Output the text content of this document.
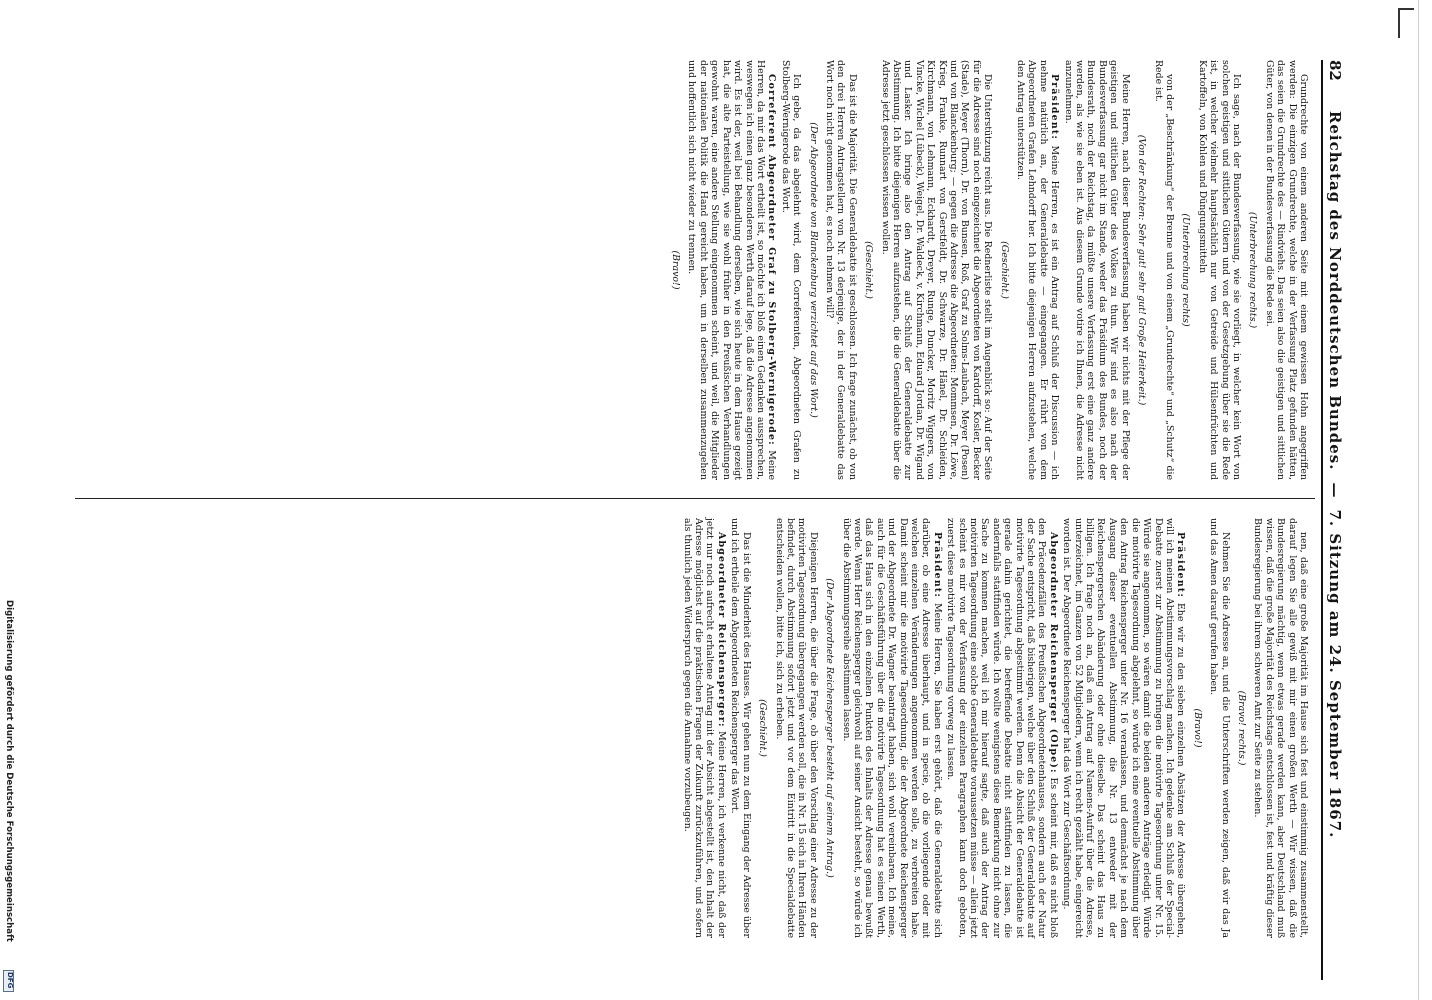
Digitalisierung gefördert durch die Deutsche Forschungsgemeinschaft
DFG
82
Reichstag des Norddeutschen Bundes.
—
7. Sitzung am 24. September 1867.

Grundrechte von einem anderen Seite mit einem gewissen Hohn angegriffen werden: Die einzigen Grundrechte, welche in der Verfassung Platz gefunden hätten, das seien die Grundrechte des — Rindviehs. Das seien also die geistigen und sittlichen Güter, von denen in der Bundesverfassung die Rede sei.

(Unterbrechung rechts.)

Ich sage, nach der Bundesverfassung, wie sie vorliegt, in welcher kein Wort von solchen geistigen und sittlichen Gütern und von der Gesetzgebung über sie die Rede ist, in welcher vielmehr hauptsächlich nur von Getreide und Hülsenfrüchten und Kartoffeln, von Kohlen und Düngungsmitteln

(Unterbrechung rechts)

von der „Beschränkung“ der Brenne und von einem „Grundrechte“ und „Schutz“ die Rede ist.

(Von der Rechten: Sehr gut! sehr gut! Große Heiterkeit.)

Meine Herren, nach dieser Bundesverfassung haben wir nichts mit der Pflege der geistigen und sittlichen Güter des Volkes zu thun. Wir sind es also nach der Bundesverfassung gar nicht im Stande, weder das Präsidium des Bundes, noch der Bundesrath, noch der Reichstag, da müßte unsere Verfassung erst eine ganz andere werden, als wie sie eben ist. Aus diesem Grunde votire ich Ihnen, die Adresse nicht anzunehmen.

Präsident: Meine Herren, es ist ein Antrag auf Schluß der Discussion — ich nehme natürlich an, der Generaldebatte — eingegangen. Er rührt von dem Abgeordneten Grafen Lehndorff her. Ich bitte diejenigen Herren aufzustehen, welche den Antrag unterstützen.

(Geschieht.)

Die Unterstützung reicht aus. Die Rednerliste stellt im Augenblick so: Auf der Seite für die Adresse sind noch eingezeichnet die Abgeordneten von Kardorff, Kosler, Becker (Stade), Meyer (Thorn), Dr. von Bunsen, Roß, Graf zu Solms-Laubach, Meyer (Posen) und von Blanckenburg; — gegen die Adresse die Abgeordneten: Mommsen, Dr. Löwe, Krieg, Franke, Runnart von Gerstfeldt, Dr. Schwarze, Dr. Hänel, Dr. Schleiden, Kirchmann, von Lehmann, Eckhardt, Dreyer, Runge, Duncker, Moritz Wiggers, von Vincke, Wichel (Lübeck), Weigel, Dr. Waldeck, v. Kirchmann, Eduard Jordan, Dr. Wigand und Lasker. Ich bringe also den Antrag auf Schluß der Generaldebatte zur Abstimmung. Ich bitte diejenigen Herren aufzustehen, die die Generaldebatte über die Adresse jetzt geschlossen wissen wollen.

(Geschieht.)

Das ist die Majorität. Die Generaldebatte ist geschlossen. Ich frage zunächst, ob von den drei Herren Antragstellern von Nr. 13 derjenige, der in der Generaldebatte das Wort noch nicht genommen hat, es noch nehmen will?

(Der Abgeordnete von Blanckenburg verzichtet auf das Wort.)

Ich gebe, da das abgelehnt wird, dem Correferenten, Abgeordneten Grafen zu Stolberg-Wernigerode das Wort.

Correferent Abgeordneter Graf zu Stolberg-Wernigerode: Meine Herren, da mir das Wort ertheilt ist, so möchte ich bloß einen Gedanken aussprechen, weswegen ich einen ganz besonderen Werth darauf lege, daß die Adresse angenommen wird. Es ist der, weil bei Behandlung derselben, wie sich heute in dem Hause gezeigt hat, die alte Parteistellung, wie sie wohl früher in den Preußischen Verhandlungen gewohnt waren, eine andere Stellung eingenommen scheint, und weil, die Mitglieder der nationalen Politik die Hand gereicht haben, um in derselben zusammenzugehen und hoffentlich sich nicht wieder zu trennen.

(Bravo!)

nen, daß eine große Majorität im Hause sich fest und einstimmig zusammenstellt, darauf legen Sie alle gewiß mit mir einen großen Werth — Wir wissen, daß die Bundesregierung mächtig, wenn etwas gerade werden kann, aber Deutschland muß wissen, daß die große Majorität des Reichstags entschlossen ist, fest und kräftig dieser Bundesregierung bei ihrem schweren Amt zur Seite zu stehen.

(Bravo! rechts.)

Nehmen Sie die Adresse an, und die Unterschriften werden zeigen, daß wir das Ja und das Amen darauf gerufen haben.

(Bravo!)

Präsident: Ehe wir zu den sieben einzelnen Absätzen der Adresse übergehen, will ich meinen Abstimmungsvorschlag machen. Ich gedenke am Schluß der Special-Debatte zuerst zur Abstimmung zu bringen die motivirte Tagesordnung unter Nr. 15. Würde sie angenommen, so wären damit die beiden anderen Anträge erledigt. Würde die motivirte Tagesordnung abgelehnt, so würde ich eine eventuelle Abstimmung über den Antrag Reichensperger unter Nr. 16 veranlassen, und demnächst je nach dem Ausgang dieser eventuellen Abstimmung, die Nr. 13 entweder mit der Reichenspergerschen Abänderung oder ohne dieselbe. Das scheint das Haus zu billigen. Ich frage noch an, daß ein Antrag auf Namens-Aufruf über die Adresse, unterzeichnet, im Ganzen von 52 Mitgliedern, wenn ich recht gezählt habe, eingereicht worden ist. Der Abgeordnete Reichensperger hat das Wort zur Geschäftsordnung.

Abgeordneter Reichensperger (Olpe): Es scheint mir, daß es nicht bloß den Präcedenzfällen des Preußischen Abgeordnetenhauses, sondern auch der Natur der Sache entspricht, daß bisherigen, welche über den Schluß der Generaldebatte auf motivirte Tagesordnung abgestimmt werden. Denn die Absicht der Generaldebatte ist gerade dahin gerichtet, die betreffende Debatte nicht stattfinden zu lassen, die andernfalls stattfinden würde. Ich wollte wenigstens diese Bemerkung nicht ohne zur Sache zu kommen machen, weil ich mir hierauf sagte, daß auch der Antrag der motivirten Tagesordnung eine solche Generaldebatte voraussetzen müsse — allein jetzt scheint es mir von der Verfassung der einzelnen Paragraphen kann doch geboten, zuerst diese motivirte Tagesordnung vorweg zu lassen.

Präsident: Meine Herren, Sie haben erst gehört, daß die Generaldebatte sich darüber, ob eine Adresse überhaupt, und in specie, ob die vorliegende oder mit welchen einzelnen Veränderungen angenommen werden solle, zu verbreiten habe. Damit scheint mir die motivirte Tagesordnung, die der Abgeordnete Reichensperger und der Abgeordnete Dr. Wagner beantragt haben, sich wohl vereinbaren. Ich meine, auch für die Geschäftsführung über die motivirte Tagesordnung hat es seinen Werth, daß das Haus sich in den einzelnen Punkten des Inhalts der Adresse genau bewußt werde. Wenn Herr Reichensperger gleichwohl auf seiner Ansicht besteht, so würde ich über die Abstimmungsreihe abstimmen lassen.

(Der Abgeordnete Reichensperger besteht auf seinem Antrag.)

Diejenigen Herren, die über die Frage, ob über den Vorschlag einer Adresse zu der motivirten Tagesordnung übergegangen werden soll, die in Nr. 15 sich in Ihren Händen befindet, durch Abstimmung sofort jetzt und vor dem Eintritt in die Specialdebatte entscheiden wollen, bitte ich, sich zu erheben.

(Geschieht.)

Das ist die Minderheit des Hauses. Wir gehen nun zu dem Eingang der Adresse über und ich ertheile dem Abgeordneten Reichensperger das Wort.

Abgeordneter Reichensperger: Meine Herren, ich verkenne nicht, daß der jetzt nur noch aufrecht erhaltene Antrag mit der Absicht abgestellt ist, den Inhalt der Adresse möglichst auf die praktischen Fragen der Zukunft zurückzuführen, und sofern als thunlich jeden Widerspruch gegen die Annahme vorzubeugen.
